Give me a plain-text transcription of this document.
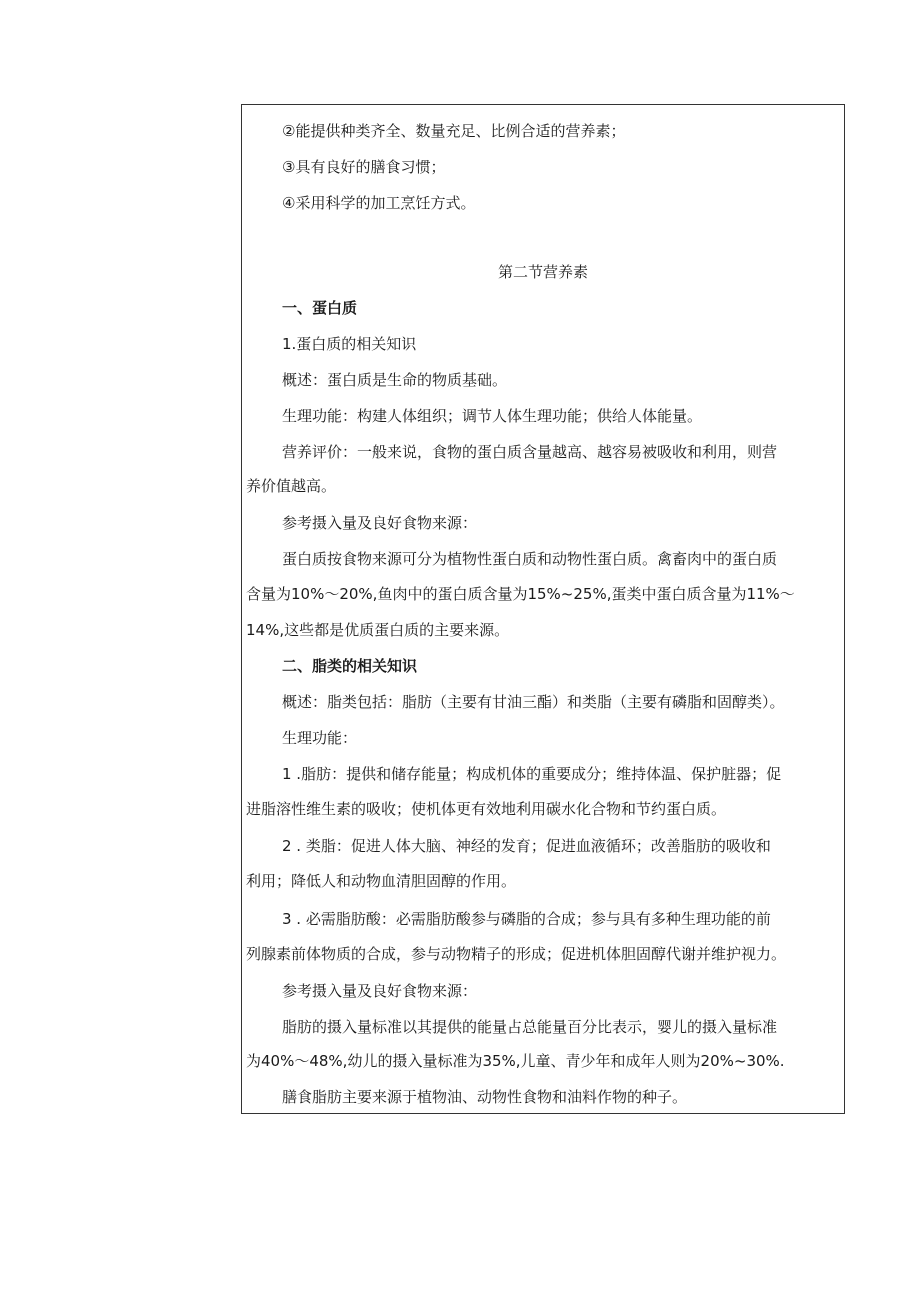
②能提供种类齐全、数量充足、比例合适的营养素；
③具有良好的膳食习惯；
④采用科学的加工烹饪方式。
第二节营养素
一、蛋白质
1.蛋白质的相关知识
概述：蛋白质是生命的物质基础。
生理功能：构建人体组织；调节人体生理功能；供给人体能量。
营养评价：一般来说，食物的蛋白质含量越高、越容易被吸收和利用，则营
养价值越高。
参考摄入量及良好食物来源：
蛋白质按食物来源可分为植物性蛋白质和动物性蛋白质。禽畜肉中的蛋白质
含量为10%〜20%,鱼肉中的蛋白质含量为15%~25%,蛋类中蛋白质含量为11%〜
14%,这些都是优质蛋白质的主要来源。
二、脂类的相关知识
概述：脂类包括：脂肪（主要有甘油三酯）和类脂（主要有磷脂和固醇类）。
生理功能：
1 .脂肪：提供和储存能量；构成机体的重要成分；维持体温、保护脏器；促
进脂溶性维生素的吸收；使机体更有效地利用碳水化合物和节约蛋白质。
2 . 类脂：促进人体大脑、神经的发育；促进血液循环；改善脂肪的吸收和
利用；降低人和动物血清胆固醇的作用。
3 . 必需脂肪酸：必需脂肪酸参与磷脂的合成；参与具有多种生理功能的前
列腺素前体物质的合成，参与动物精子的形成；促进机体胆固醇代谢并维护视力。
参考摄入量及良好食物来源：
脂肪的摄入量标准以其提供的能量占总能量百分比表示，婴儿的摄入量标准
为40%〜48%,幼儿的摄入量标准为35%,儿童、青少年和成年人则为20%~30%.
膳食脂肪主要来源于植物油、动物性食物和油料作物的种子。
